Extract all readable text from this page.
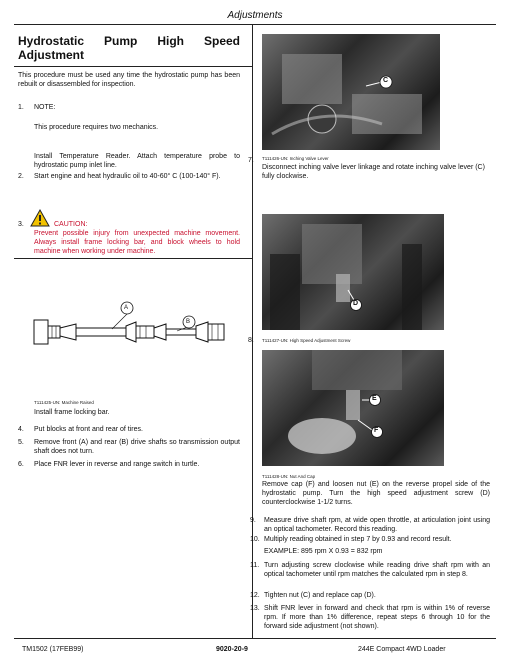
Adjustments
Hydrostatic Pump High Speed
Adjustment
This procedure must be used any time the hydrostatic pump has been rebuilt or disassembled for inspection.
1. NOTE:
This procedure requires two mechanics.
Install Temperature Reader. Attach temperature probe to hydrostatic pump inlet line.
2. Start engine and heat hydraulic oil to 40-60° C (100-140° F).
3.	CAUTION:
Prevent possible injury from unexpected machine movement. Always install frame locking bar, and block wheels to hold machine when working under machine.
A
B
T111425-UN: Machine Raised
Install frame locking bar.
4. Put blocks at front and rear of tires.
5. Remove front (A) and rear (B) drive shafts so transmission output shaft does not turn.
6. Place FNR lever in reverse and range switch in turtle.
C
T111426-UN: Inching Valve Lever
7.
Disconnect inching valve lever linkage and rotate inching valve lever (C) fully clockwise.
D
8. T111427-UN: High Speed Adjustment Screw
E
F
T111428-UN: Nut And Cap
Remove cap (F) and loosen nut (E) on the reverse propel side of the hydrostatic pump. Turn the high speed adjustment screw (D) counterclockwise 1-1/2 turns.
9. Measure drive shaft rpm, at wide open throttle, at articulation joint using an optical tachometer. Record this reading.
10. Multiply reading obtained in step 7 by 0.93 and record result.
EXAMPLE: 895 rpm X 0.93 = 832 rpm
11. Turn adjusting screw clockwise while reading drive shaft rpm with an optical tachometer until rpm matches the calculated rpm in step 8.
12. Tighten nut (C) and replace cap (D).
13. Shift FNR lever in forward and check that rpm is within 1% of reverse rpm. If more than 1% difference, repeat steps 6 through 10 for the forward side adjustment (not shown).
TM1502 (17FEB99)	9020-20-9	244E Compact 4WD Loader
